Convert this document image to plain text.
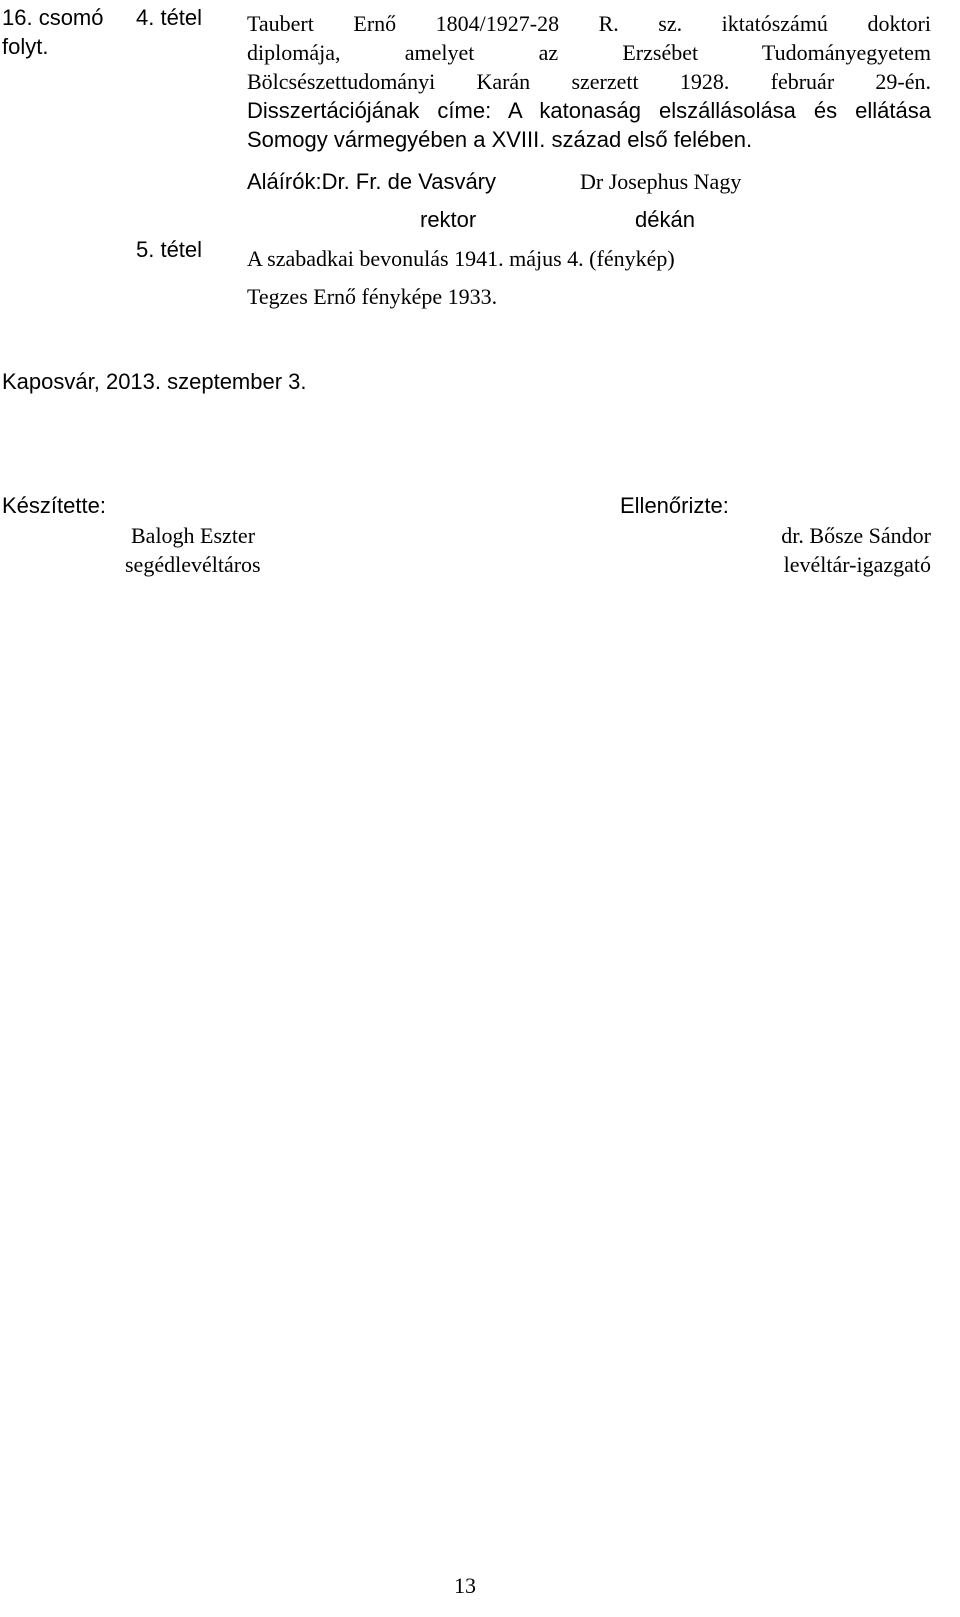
16. csomó
folyt.
4. tétel Taubert Ernő 1804/1927-28 R. sz. iktatószámú doktori
diplomája, amelyet az Erzsébet Tudományegyetem
Bölcsészettudományi Karán szerzett 1928. február 29-én.
Disszertációjának címe: A katonaság elszállásolása és ellátása
Somogy vármegyében a XVIII. század első felében.
Aláírók:Dr. Fr. de Vasváry	Dr Josephus Nagy
rektor	dékán
5. tétel A szabadkai bevonulás 1941. május 4. (fénykép)
Tegzes Ernő fényképe 1933.
Kaposvár, 2013. szeptember 3.
Készítette:
Balogh Eszter
segédlevéltáros
Ellenőrizte:
dr. Bősze Sándor
levéltár-igazgató
13
